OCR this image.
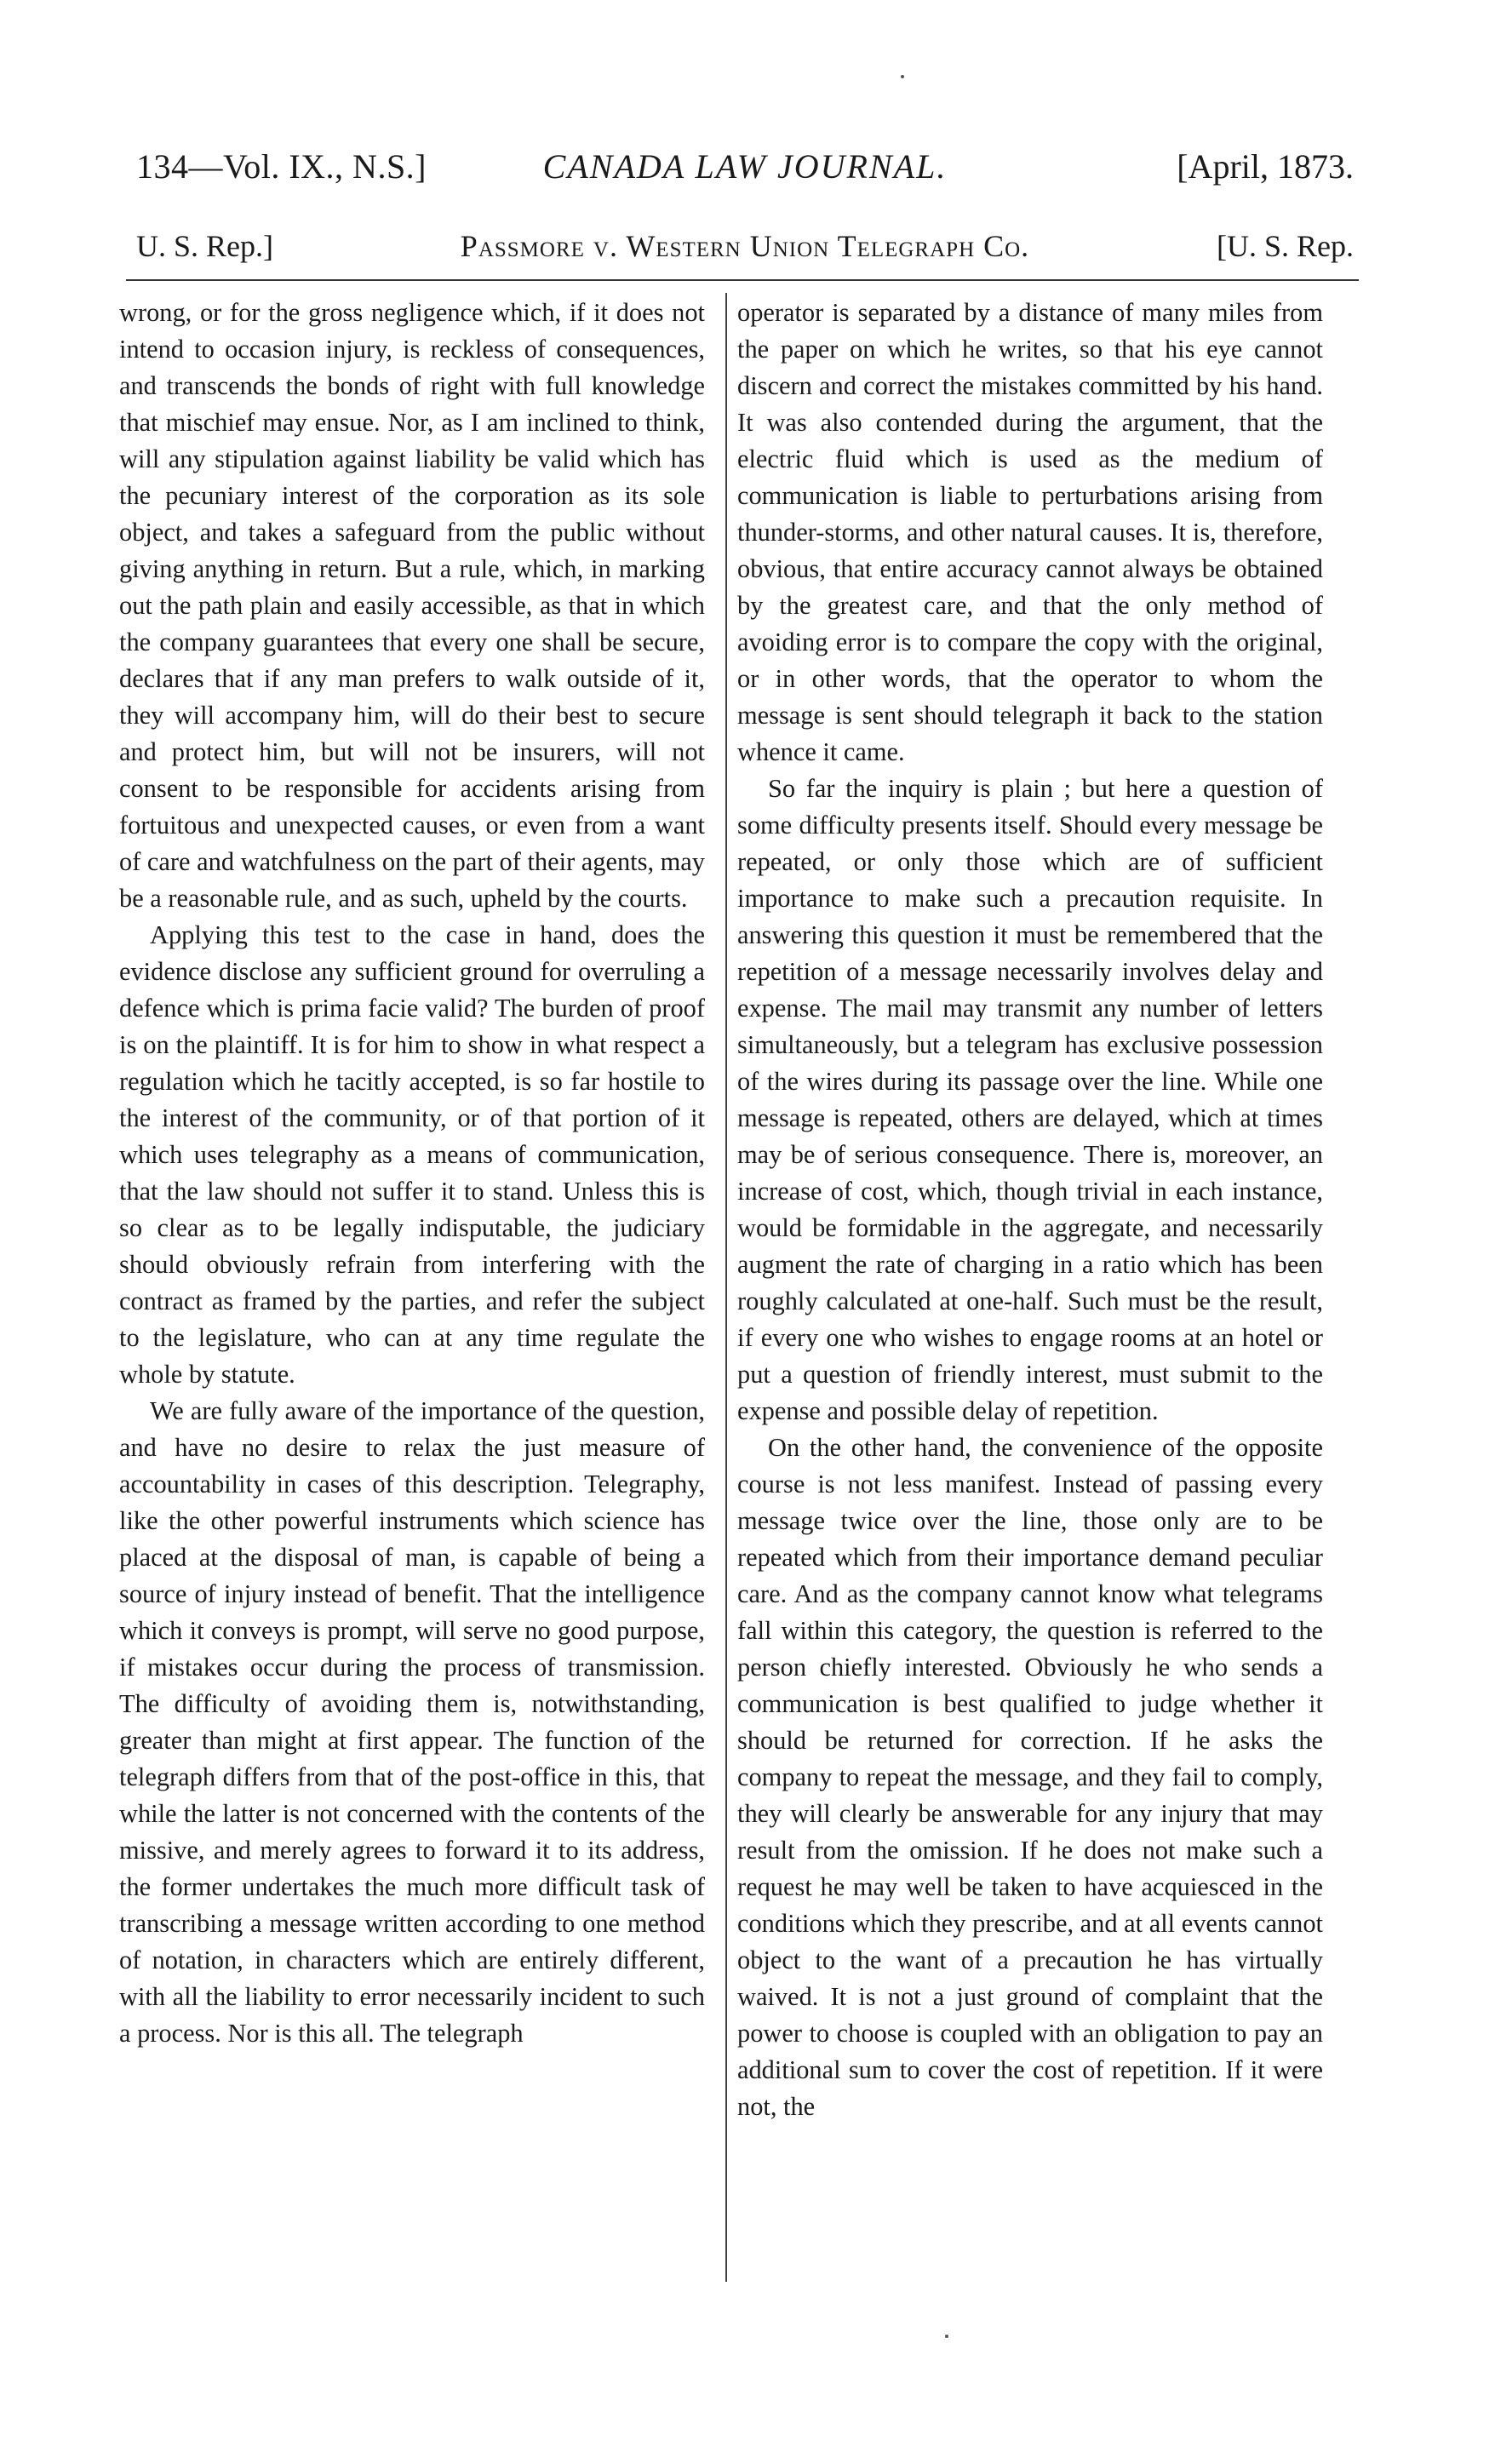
134—Vol. IX., N.S.]	CANADA LAW JOURNAL.	[April, 1873.
U. S. Rep.]	Passmore v. Western Union Telegraph Co.	[U. S. Rep.

wrong, or for the gross negligence which, if it does not intend to occasion injury, is reckless of consequences, and transcends the bonds of right with full knowledge that mischief may ensue. Nor, as I am inclined to think, will any stipulation against liability be valid which has the pecuniary interest of the corporation as its sole object, and takes a safeguard from the public without giving anything in return. But a rule, which, in marking out the path plain and easily accessible, as that in which the company guarantees that every one shall be secure, declares that if any man prefers to walk outside of it, they will accompany him, will do their best to secure and protect him, but will not be insurers, will not consent to be responsible for accidents arising from fortuitous and unexpected causes, or even from a want of care and watchfulness on the part of their agents, may be a reasonable rule, and as such, upheld by the courts.

Applying this test to the case in hand, does the evidence disclose any sufficient ground for overruling a defence which is prima facie valid? The burden of proof is on the plaintiff. It is for him to show in what respect a regulation which he tacitly accepted, is so far hostile to the interest of the community, or of that portion of it which uses telegraphy as a means of communication, that the law should not suffer it to stand. Unless this is so clear as to be legally indisputable, the judiciary should obviously refrain from interfering with the contract as framed by the parties, and refer the subject to the legislature, who can at any time regulate the whole by statute.

We are fully aware of the importance of the question, and have no desire to relax the just measure of accountability in cases of this description. Telegraphy, like the other powerful instruments which science has placed at the disposal of man, is capable of being a source of injury instead of benefit. That the intelligence which it conveys is prompt, will serve no good purpose, if mistakes occur during the process of transmission. The difficulty of avoiding them is, notwithstanding, greater than might at first appear. The function of the telegraph differs from that of the post-office in this, that while the latter is not concerned with the contents of the missive, and merely agrees to forward it to its address, the former undertakes the much more difficult task of transcribing a message written according to one method of notation, in characters which are entirely different, with all the liability to error necessarily incident to such a process. Nor is this all. The telegraph

operator is separated by a distance of many miles from the paper on which he writes, so that his eye cannot discern and correct the mistakes committed by his hand. It was also contended during the argument, that the electric fluid which is used as the medium of communication is liable to perturbations arising from thunder-storms, and other natural causes. It is, therefore, obvious, that entire accuracy cannot always be obtained by the greatest care, and that the only method of avoiding error is to compare the copy with the original, or in other words, that the operator to whom the message is sent should telegraph it back to the station whence it came.

So far the inquiry is plain ; but here a question of some difficulty presents itself. Should every message be repeated, or only those which are of sufficient importance to make such a precaution requisite. In answering this question it must be remembered that the repetition of a message necessarily involves delay and expense. The mail may transmit any number of letters simultaneously, but a telegram has exclusive possession of the wires during its passage over the line. While one message is repeated, others are delayed, which at times may be of serious consequence. There is, moreover, an increase of cost, which, though trivial in each instance, would be formidable in the aggregate, and necessarily augment the rate of charging in a ratio which has been roughly calculated at one-half. Such must be the result, if every one who wishes to engage rooms at an hotel or put a question of friendly interest, must submit to the expense and possible delay of repetition.

On the other hand, the convenience of the opposite course is not less manifest. Instead of passing every message twice over the line, those only are to be repeated which from their importance demand peculiar care. And as the company cannot know what telegrams fall within this category, the question is referred to the person chiefly interested. Obviously he who sends a communication is best qualified to judge whether it should be returned for correction. If he asks the company to repeat the message, and they fail to comply, they will clearly be answerable for any injury that may result from the omission. If he does not make such a request he may well be taken to have acquiesced in the conditions which they prescribe, and at all events cannot object to the want of a precaution he has virtually waived. It is not a just ground of complaint that the power to choose is coupled with an obligation to pay an additional sum to cover the cost of repetition. If it were not, the
